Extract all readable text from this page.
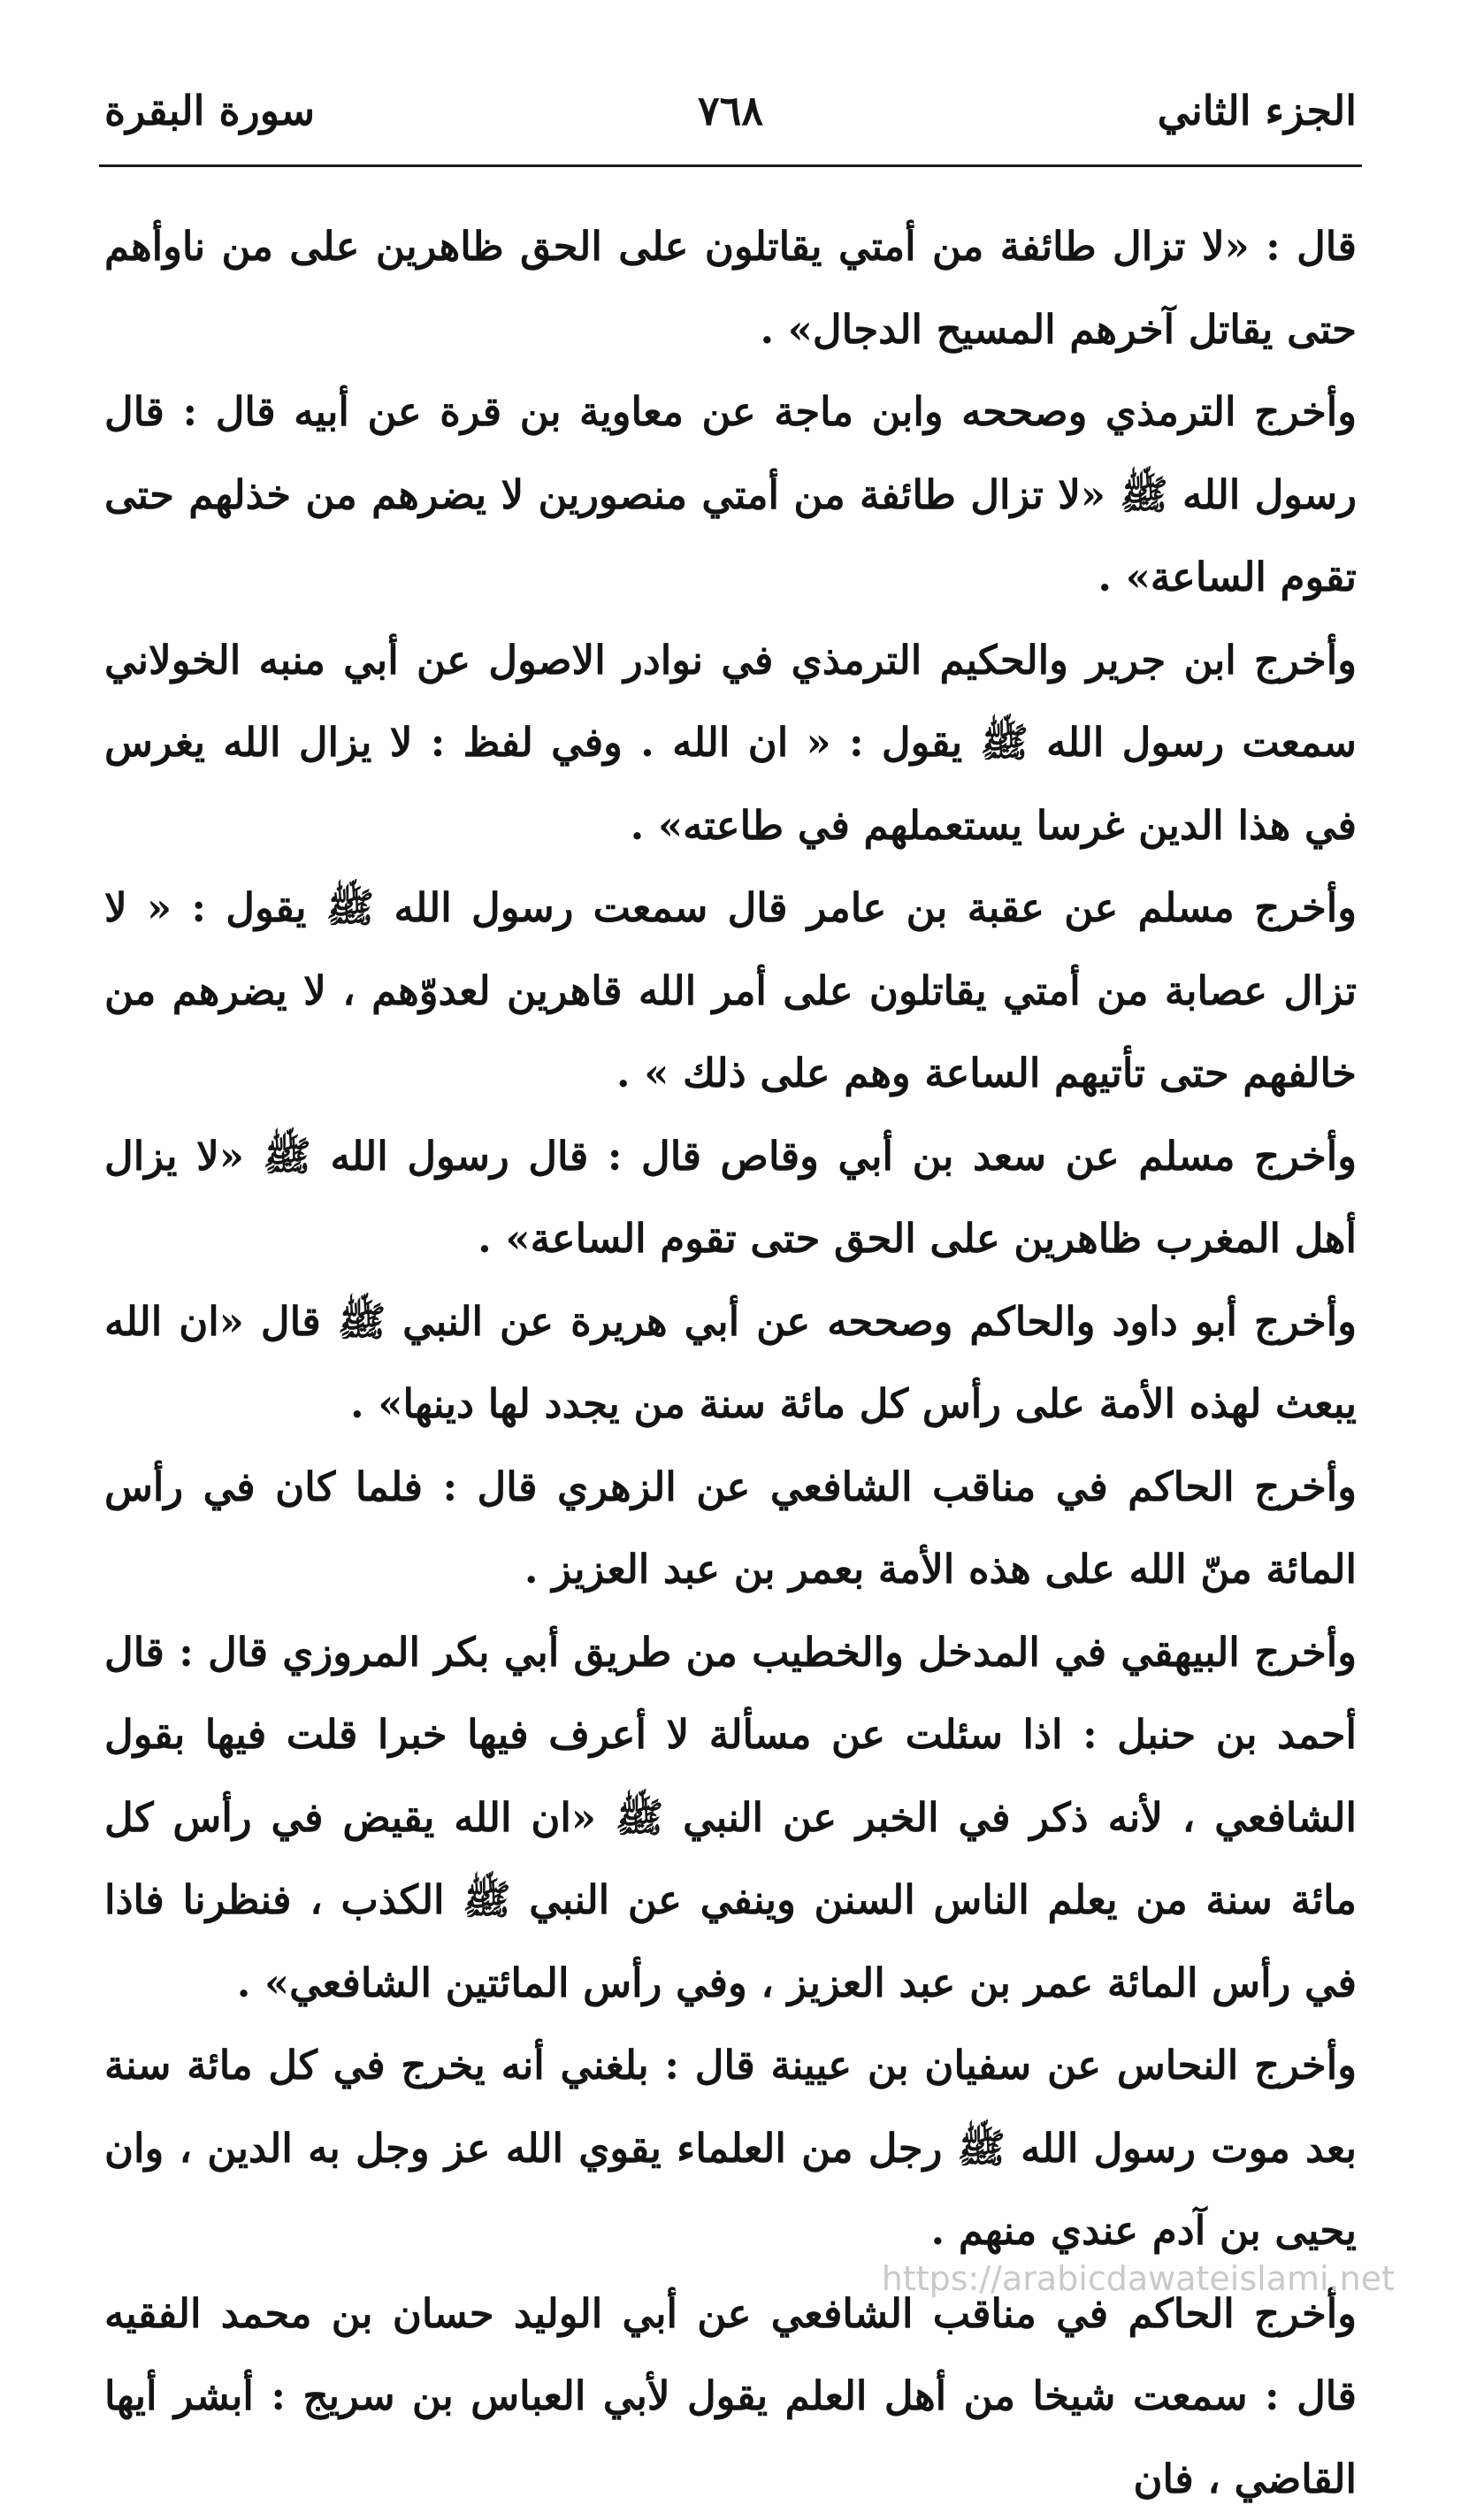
الجزء الثاني
٧٦٨
سورة البقرة

قال : «لا تزال طائفة من أمتي يقاتلون على الحق ظاهرين على من ناوأهم حتى يقاتل آخرهم المسيح الدجال» .

وأخرج الترمذي وصححه وابن ماجة عن معاوية بن قرة عن أبيه قال : قال رسول الله ﷺ «لا تزال طائفة من أمتي منصورين لا يضرهم من خذلهم حتى تقوم الساعة» .

وأخرج ابن جرير والحكيم الترمذي في نوادر الاصول عن أبي منبه الخولاني سمعت رسول الله ﷺ يقول : « ان الله . وفي لفظ : لا يزال الله يغرس في هذا الدين غرسا يستعملهم في طاعته» .

وأخرج مسلم عن عقبة بن عامر قال سمعت رسول الله ﷺ يقول : « لا تزال عصابة من أمتي يقاتلون على أمر الله قاهرين لعدوّهم ، لا يضرهم من خالفهم حتى تأتيهم الساعة وهم على ذلك » .

وأخرج مسلم عن سعد بن أبي وقاص قال : قال رسول الله ﷺ «لا يزال أهل المغرب ظاهرين على الحق حتى تقوم الساعة» .

وأخرج أبو داود والحاكم وصححه عن أبي هريرة عن النبي ﷺ قال «ان الله يبعث لهذه الأمة على رأس كل مائة سنة من يجدد لها دينها» .

وأخرج الحاكم في مناقب الشافعي عن الزهري قال : فلما كان في رأس المائة منّ الله على هذه الأمة بعمر بن عبد العزيز .

وأخرج البيهقي في المدخل والخطيب من طريق أبي بكر المروزي قال : قال أحمد بن حنبل : اذا سئلت عن مسألة لا أعرف فيها خبرا قلت فيها بقول الشافعي ، لأنه ذكر في الخبر عن النبي ﷺ «ان الله يقيض في رأس كل مائة سنة من يعلم الناس السنن وينفي عن النبي ﷺ الكذب ، فنظرنا فاذا في رأس المائة عمر بن عبد العزيز ، وفي رأس المائتين الشافعي» .

وأخرج النحاس عن سفيان بن عيينة قال : بلغني أنه يخرج في كل مائة سنة بعد موت رسول الله ﷺ رجل من العلماء يقوي الله عز وجل به الدين ، وان يحيى بن آدم عندي منهم .

وأخرج الحاكم في مناقب الشافعي عن أبي الوليد حسان بن محمد الفقيه قال : سمعت شيخا من أهل العلم يقول لأبي العباس بن سريج : أبشر أيها القاضي ، فان

https://arabicdawateislami.net
